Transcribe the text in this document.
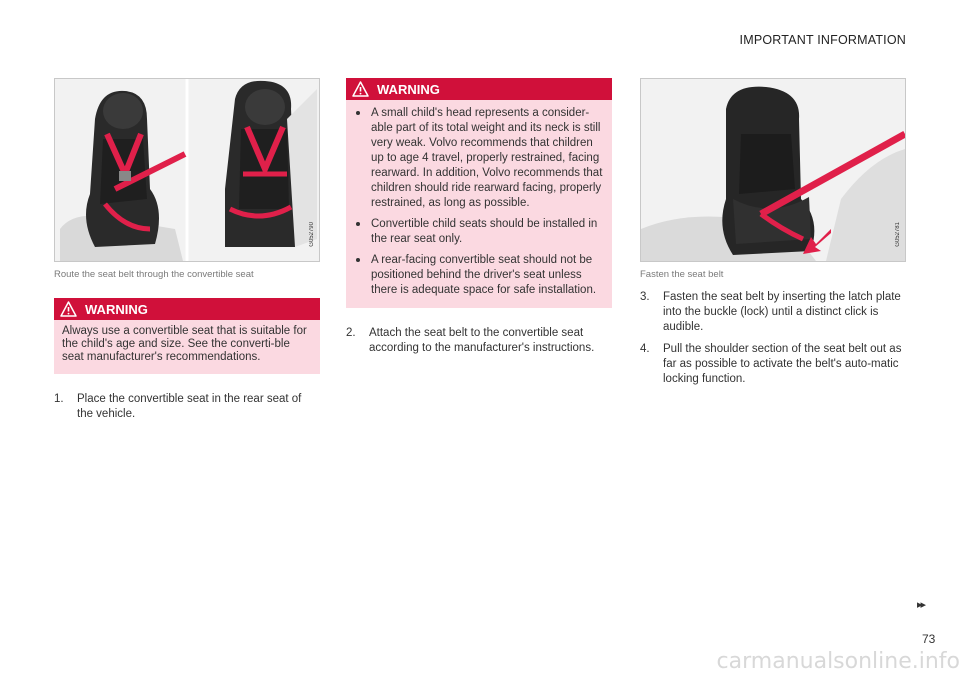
IMPORTANT INFORMATION
G052790
Route the seat belt through the convertible seat
WARNING
Always use a convertible seat that is suitable for the child's age and size. See the converti-ble seat manufacturer's recommendations.
1. Place the convertible seat in the rear seat of the vehicle.
WARNING
A small child's head represents a consider-able part of its total weight and its neck is still very weak. Volvo recommends that children up to age 4 travel, properly restrained, facing rearward. In addition, Volvo recommends that children should ride rearward facing, properly restrained, as long as possible.
Convertible child seats should be installed in the rear seat only.
A rear-facing convertible seat should not be positioned behind the driver's seat unless there is adequate space for safe installation.
2. Attach the seat belt to the convertible seat according to the manufacturer's instructions.
G052781
Fasten the seat belt
3. Fasten the seat belt by inserting the latch plate into the buckle (lock) until a distinct click is audible.
4. Pull the shoulder section of the seat belt out as far as possible to activate the belt's auto-matic locking function.
▸▸
73
carmanualsonline.info
